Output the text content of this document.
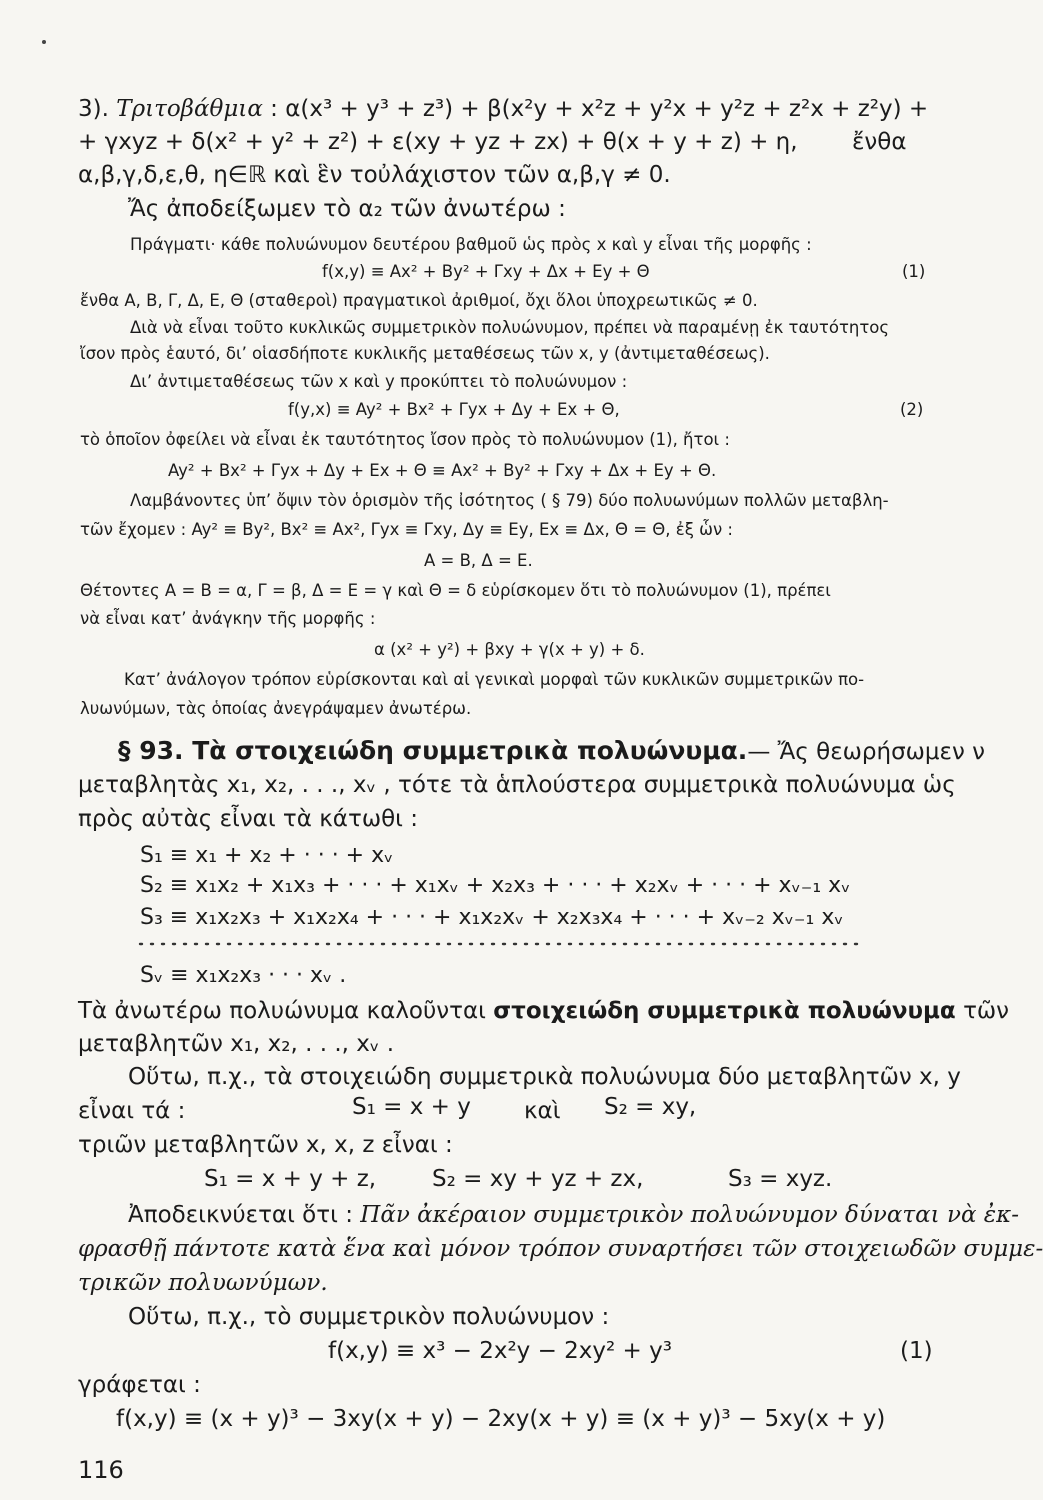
3). Τριτοβάθμια : α(x³ + y³ + z³) + β(x²y + x²z + y²x + y²z + z²x + z²y) +
+ γxyz + δ(x² + y² + z²) + ε(xy + yz + zx) + θ(x + y + z) + η, ἔνθα
α,β,γ,δ,ε,θ, η∈ℝ καὶ ἓν τοὐλάχιστον τῶν α,β,γ ≠ 0.
Ἄς ἀποδείξωμεν τὸ α₂ τῶν ἀνωτέρω :
Πράγματι· κάθε πολυώνυμον δευτέρου βαθμοῦ ὡς πρὸς x καὶ y εἶναι τῆς μορφῆς :
f(x,y) ≡ Ax² + By² + Γxy + Δx + Ey + Θ	(1)
ἔνθα A, B, Γ, Δ, E, Θ (σταθεροὶ) πραγματικοὶ ἀριθμοί, ὄχι ὅλοι ὑποχρεωτικῶς ≠ 0.
Διὰ νὰ εἶναι τοῦτο κυκλικῶς συμμετρικὸν πολυώνυμον, πρέπει νὰ παραμένῃ ἐκ ταυτότητος
ἴσον πρὸς ἑαυτό, δι’ οἱασδήποτε κυκλικῆς μεταθέσεως τῶν x, y (ἀντιμεταθέσεως).
Δι’ ἀντιμεταθέσεως τῶν x καὶ y προκύπτει τὸ πολυώνυμον :
f(y,x) ≡ Ay² + Bx² + Γyx + Δy + Ex + Θ,	(2)
τὸ ὁποῖον ὀφείλει νὰ εἶναι ἐκ ταυτότητος ἴσον πρὸς τὸ πολυώνυμον (1), ἤτοι :
Ay² + Bx² + Γyx + Δy + Ex + Θ ≡ Ax² + By² + Γxy + Δx + Ey + Θ.
Λαμβάνοντες ὑπ’ ὄψιν τὸν ὁρισμὸν τῆς ἰσότητος ( § 79) δύο πολυωνύμων πολλῶν μεταβλη-
τῶν ἔχομεν : Ay² ≡ By², Bx² ≡ Ax², Γyx ≡ Γxy, Δy ≡ Ey, Ex ≡ Δx, Θ = Θ, ἐξ ὧν :
A = B, Δ = E.
Θέτοντες A = B = α, Γ = β, Δ = E = γ καὶ Θ = δ εὑρίσκομεν ὅτι τὸ πολυώνυμον (1), πρέπει
νὰ εἶναι κατ’ ἀνάγκην τῆς μορφῆς :
α (x² + y²) + βxy + γ(x + y) + δ.
Κατ’ ἀνάλογον τρόπον εὑρίσκονται καὶ αἱ γενικαὶ μορφαὶ τῶν κυκλικῶν συμμετρικῶν πο-
λυωνύμων, τὰς ὁποίας ἀνεγράψαμεν ἀνωτέρω.
§ 93. Τὰ στοιχειώδη συμμετρικὰ πολυώνυμα.— Ἄς θεωρήσωμεν ν
μεταβλητὰς x₁, x₂, . . ., xᵥ , τότε τὰ ἁπλούστερα συμμετρικὰ πολυώνυμα ὡς
πρὸς αὐτὰς εἶναι τὰ κάτωθι :
S₁ ≡ x₁ + x₂ + · · · + xᵥ
S₂ ≡ x₁x₂ + x₁x₃ + · · · + x₁xᵥ + x₂x₃ + · · · + x₂xᵥ + · · · + xᵥ₋₁ xᵥ
S₃ ≡ x₁x₂x₃ + x₁x₂x₄ + · · · + x₁x₂xᵥ + x₂x₃x₄ + · · · + xᵥ₋₂ xᵥ₋₁ xᵥ
Sᵥ ≡ x₁x₂x₃ · · · xᵥ .
Τὰ ἀνωτέρω πολυώνυμα καλοῦνται στοιχειώδη συμμετρικὰ πολυώνυμα τῶν
μεταβλητῶν x₁, x₂, . . ., xᵥ .
Οὕτω, π.χ., τὰ στοιχειώδη συμμετρικὰ πολυώνυμα δύο μεταβλητῶν x, y
εἶναι τά :	S₁ = x + y καὶ S₂ = xy,
τριῶν μεταβλητῶν x, x, z εἶναι :
S₁ = x + y + z, S₂ = xy + yz + zx,	S₃ = xyz.
Ἀποδεικνύεται ὅτι : Πᾶν ἀκέραιον συμμετρικὸν πολυώνυμον δύναται νὰ ἐκ-
φρασθῇ πάντοτε κατὰ ἕνα καὶ μόνον τρόπον συναρτήσει τῶν στοιχειωδῶν συμμε-
τρικῶν πολυωνύμων.
Οὕτω, π.χ., τὸ συμμετρικὸν πολυώνυμον :
f(x,y) ≡ x³ − 2x²y − 2xy² + y³	(1)
γράφεται :
f(x,y) ≡ (x + y)³ − 3xy(x + y) − 2xy(x + y) ≡ (x + y)³ − 5xy(x + y)
116
